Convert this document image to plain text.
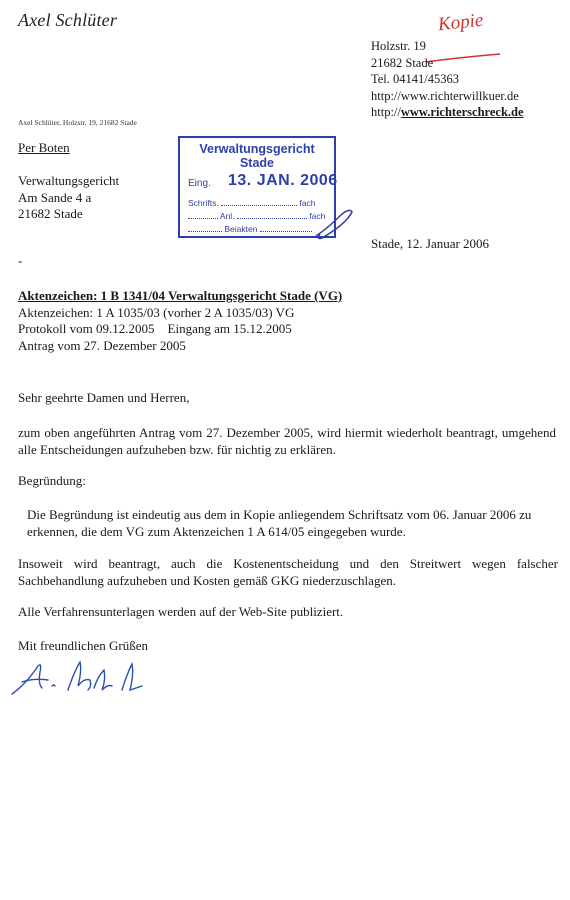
Axel Schlüter	Kopie
Holzstr. 19
21682 Stade
Tel. 04141/45363
http://www.richterwillkuer.de
http://www.richterschreck.de
Axel Schlüter, Holzstr. 19, 21682 Stade
Per Boten
Verwaltungsgericht
Am Sande 4 a
21682 Stade
Verwaltungsgericht
Stade
Eing. 13. JAN. 2006
Schrifts.	fach
Anl.	fach
Beiakten
Stade, 12. Januar 2006
-
Aktenzeichen: 1 B 1341/04 Verwaltungsgericht Stade (VG)
Aktenzeichen: 1 A 1035/03 (vorher 2 A 1035/03) VG
Protokoll vom 09.12.2005 Eingang am 15.12.2005
Antrag vom 27. Dezember 2005
Sehr geehrte Damen und Herren,
zum oben angeführten Antrag vom 27. Dezember 2005, wird hiermit wiederholt beantragt, umgehend alle Entscheidungen aufzuheben bzw. für nichtig zu erklären.
Begründung:
Die Begründung ist eindeutig aus dem in Kopie anliegendem Schriftsatz vom 06. Januar 2006 zu erkennen, die dem VG zum Aktenzeichen 1 A 614/05 eingegeben wurde.
Insoweit wird beantragt, auch die Kostenentscheidung und den Streitwert wegen falscher Sachbehandlung aufzuheben und Kosten gemäß GKG niederzuschlagen.
Alle Verfahrensunterlagen werden auf der Web-Site publiziert.
Mit freundlichen Grüßen
